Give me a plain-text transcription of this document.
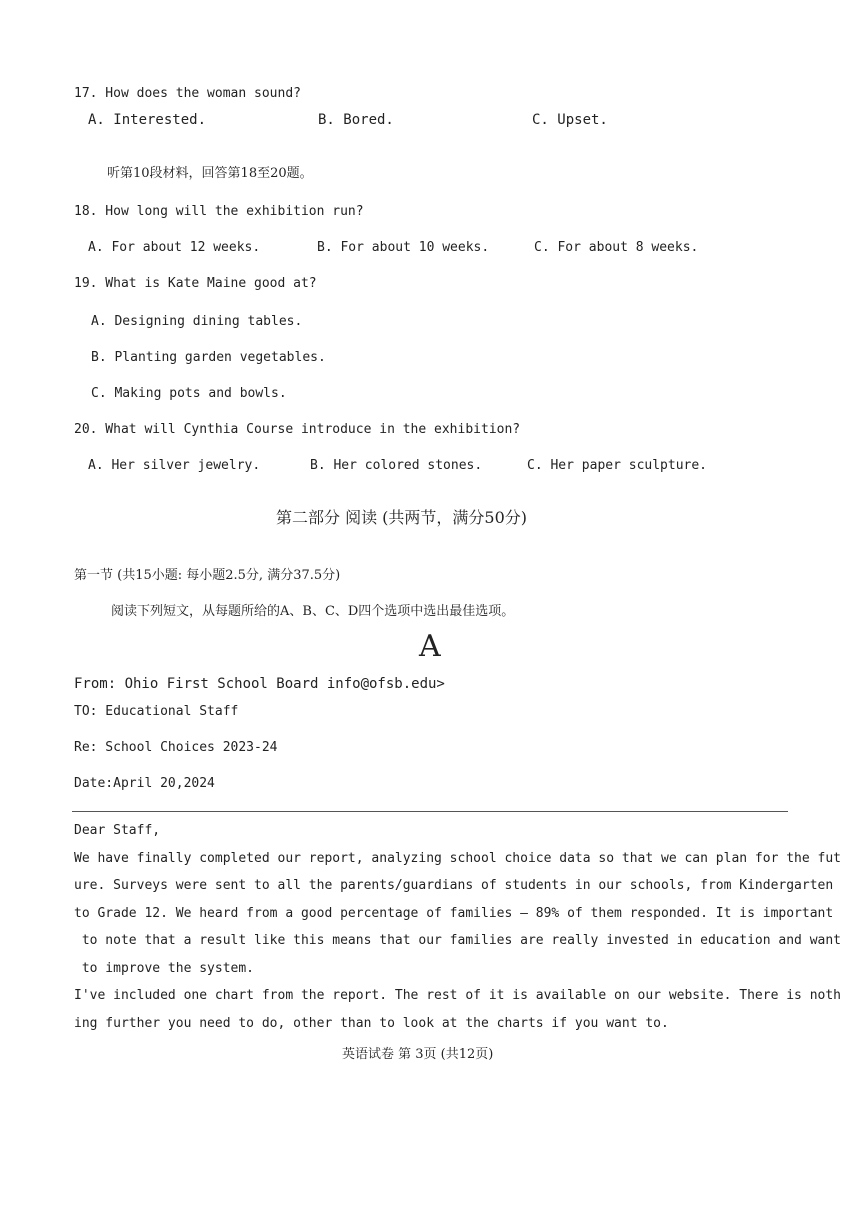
17. How does the woman sound?
A. Interested.	B. Bored.	C. Upset.
听第10段材料，回答第18至20题。
18. How long will the exhibition run?
A. For about 12 weeks.	B. For about 10 weeks.	C. For about 8 weeks.
19. What is Kate Maine good at?
A. Designing dining tables.
B. Planting garden vegetables.
C. Making pots and bowls.
20. What will Cynthia Course introduce in the exhibition?
A. Her silver jewelry.	B. Her colored stones.	C. Her paper sculpture.
第二部分 阅读 (共两节，满分50分)
第一节 (共15小题: 每小题2.5分, 满分37.5分)
阅读下列短文，从每题所给的A、B、C、D四个选项中选出最佳选项。
A
From: Ohio First School Board info@ofsb.edu>
TO: Educational Staff
Re: School Choices 2023-24
Date:April 20,2024
Dear Staff,
We have finally completed our report, analyzing school choice data so that we can plan for the fut
ure. Surveys were sent to all the parents/guardians of students in our schools, from Kindergarten
to Grade 12. We heard from a good percentage of families — 89% of them responded. It is important
to note that a result like this means that our families are really invested in education and want
to improve the system.
I've included one chart from the report. The rest of it is available on our website. There is noth
ing further you need to do, other than to look at the charts if you want to.
英语试卷 第 3页 (共12页)
